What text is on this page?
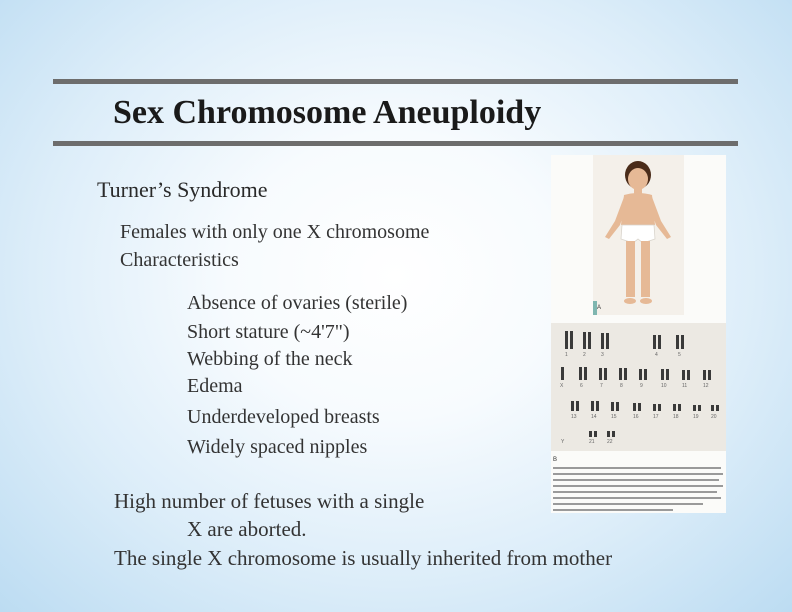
Sex Chromosome Aneuploidy
Turner’s Syndrome
Females with only one X chromosome
Characteristics
Absence of ovaries (sterile)
Short stature (~4'7")
Webbing of the neck
Edema
Underdeveloped breasts
Widely spaced nipples
High number of fetuses with a single
X are aborted.
The single X chromosome is usually inherited from mother
A
1	2	3	4	5
X	6	7	8	9	10	11	12
13	14	15	16	17	18	19 20
Y	21 22
B
